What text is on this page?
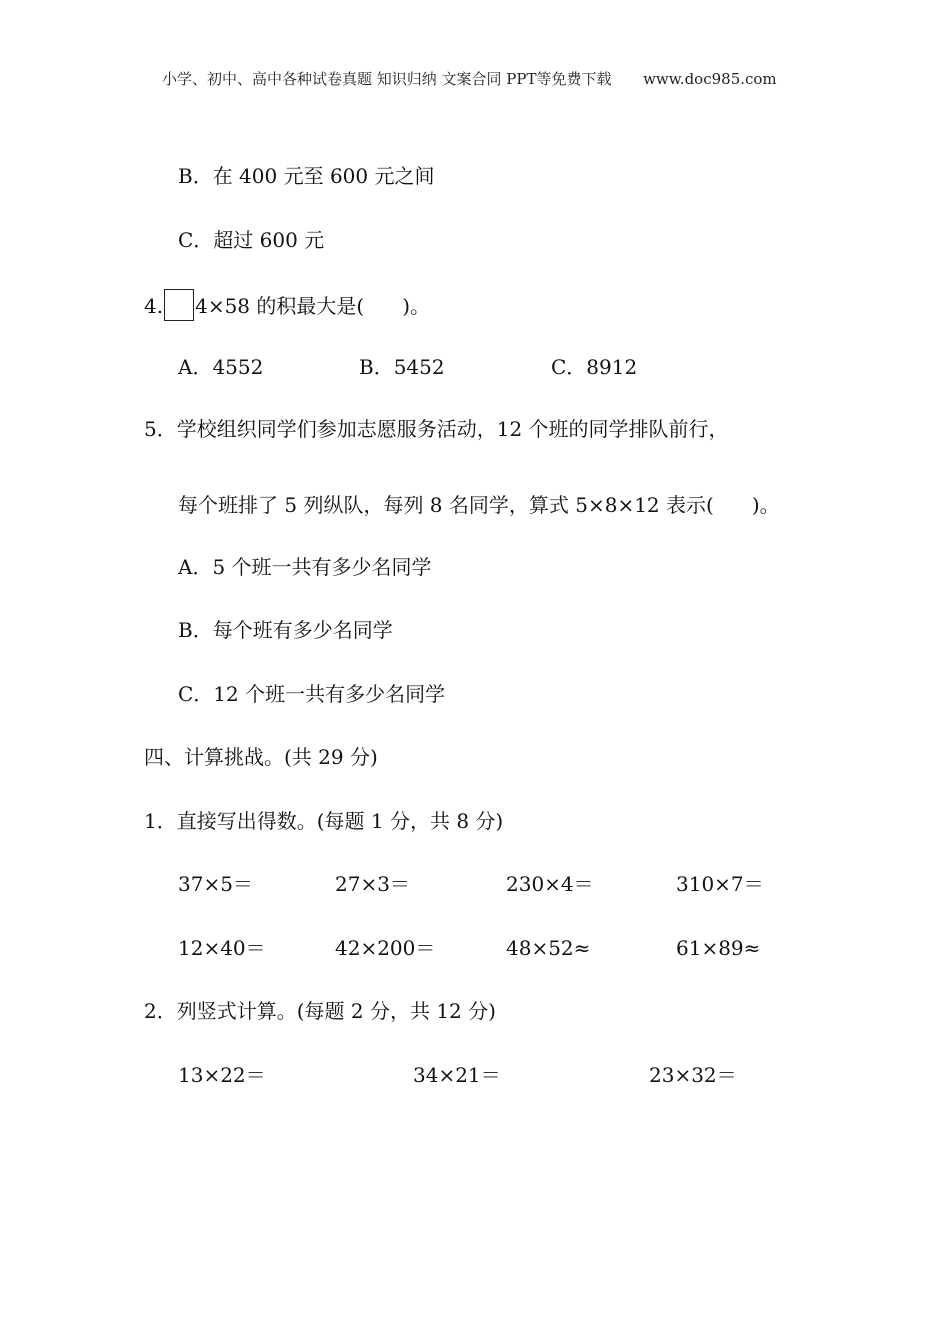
小学、初中、高中各种试卷真题 知识归纳 文案合同 PPT等免费下载 www.doc985.com
B．在 400 元至 600 元之间
C．超过 600 元
4. 4×58 的积最大是( )。
A．4552	B．5452	C．8912
5．学校组织同学们参加志愿服务活动，12 个班的同学排队前行，
每个班排了 5 列纵队，每列 8 名同学，算式 5×8×12 表示( )。
A．5 个班一共有多少名同学
B．每个班有多少名同学
C．12 个班一共有多少名同学
四、计算挑战。(共 29 分)
1．直接写出得数。(每题 1 分，共 8 分)
37×5＝	27×3＝	230×4＝	310×7＝
12×40＝	42×200＝	48×52≈	61×89≈
2．列竖式计算。(每题 2 分，共 12 分)
13×22＝	34×21＝	23×32＝
